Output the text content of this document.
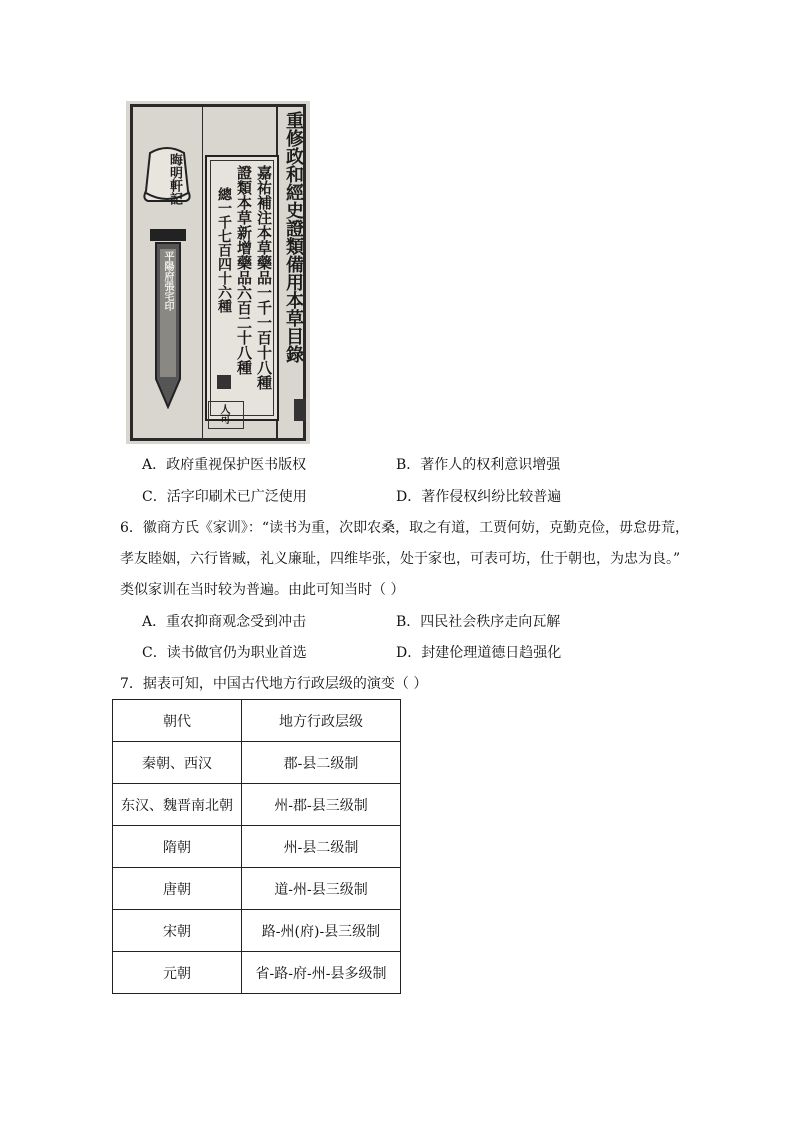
重修政和經史證類備用本草目錄
嘉祐補注本草藥品一千一百十八種
證類本草新增藥品六百二十八種
總一千七百四十六種
晦明軒記
平陽府張宅印
人可
A．政府重视保护医书版权	B．著作人的权利意识增强
C．活字印刷术已广泛使用	D．著作侵权纠纷比较普遍
6．徽商方氏《家训》：“读书为重，次即农桑，取之有道，工贾何妨，克勤克俭，毋怠毋荒，
孝友睦姻，六行皆臧，礼义廉耻，四维毕张，处于家也，可表可坊，仕于朝也，为忠为良。”
类似家训在当时较为普遍。由此可知当时（ ）
A．重农抑商观念受到冲击	B．四民社会秩序走向瓦解
C．读书做官仍为职业首选	D．封建伦理道德日趋强化
7．据表可知，中国古代地方行政层级的演变（ ）
朝代	地方行政层级
秦朝、西汉	郡-县二级制
东汉、魏晋南北朝	州-郡-县三级制
隋朝	州-县二级制
唐朝	道-州-县三级制
宋朝	路-州(府)-县三级制
元朝	省-路-府-州-县多级制
